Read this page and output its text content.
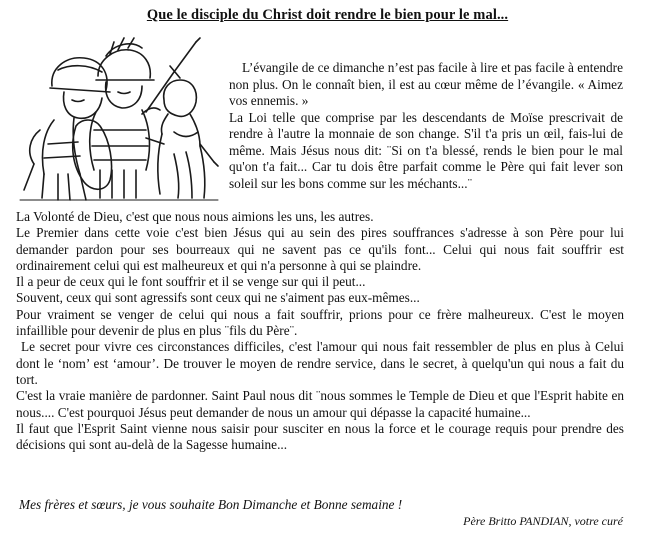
Que le disciple du Christ doit rendre le bien pour le mal...

L’évangile de ce dimanche n’est pas facile à lire et pas facile à entendre non plus. On le connaît bien, il est au cœur même de l’évangile. « Aimez vos ennemis. »

La Loi telle que comprise par les descendants de Moïse prescrivait de rendre à l'autre la monnaie de son change. S'il t'a pris un œil, fais-lui de même. Mais Jésus nous dit: ¨Si on t'a blessé, rends le bien pour le mal qu'on t'a fait... Car tu dois être parfait comme le Père qui fait lever son soleil sur les bons comme sur les méchants...¨

La Volonté de Dieu, c'est que nous nous aimions les uns, les autres.

Le Premier dans cette voie c'est bien Jésus qui au sein des pires souffrances s'adresse à son Père pour lui demander pardon pour ses bourreaux qui ne savent pas ce qu'ils font... Celui qui nous fait souffrir est ordinairement celui qui est malheureux et qui n'a personne à qui se plaindre.

Il a peur de ceux qui le font souffrir et il se venge sur qui il peut...

Souvent, ceux qui sont agressifs sont ceux qui ne s'aiment pas eux-mêmes...

Pour vraiment se venger de celui qui nous a fait souffrir, prions pour ce frère malheureux. C'est le moyen infaillible pour devenir de plus en plus ¨fils du Père¨.

Le secret pour vivre ces circonstances difficiles, c'est l'amour qui nous fait ressembler de plus en plus à Celui dont le ‘nom’ est ‘amour’. De trouver le moyen de rendre service, dans le secret, à quelqu'un qui nous a fait du tort.

C'est la vraie manière de pardonner. Saint Paul nous dit ¨nous sommes le Temple de Dieu et que l'Esprit habite en nous.... C'est pourquoi Jésus peut demander de nous un amour qui dépasse la capacité humaine...

Il faut que l'Esprit Saint vienne nous saisir pour susciter en nous la force et le courage requis pour prendre des décisions qui sont au-delà de la Sagesse humaine...

Mes frères et sœurs, je vous souhaite Bon Dimanche et Bonne semaine !
Père Britto PANDIAN, votre curé
